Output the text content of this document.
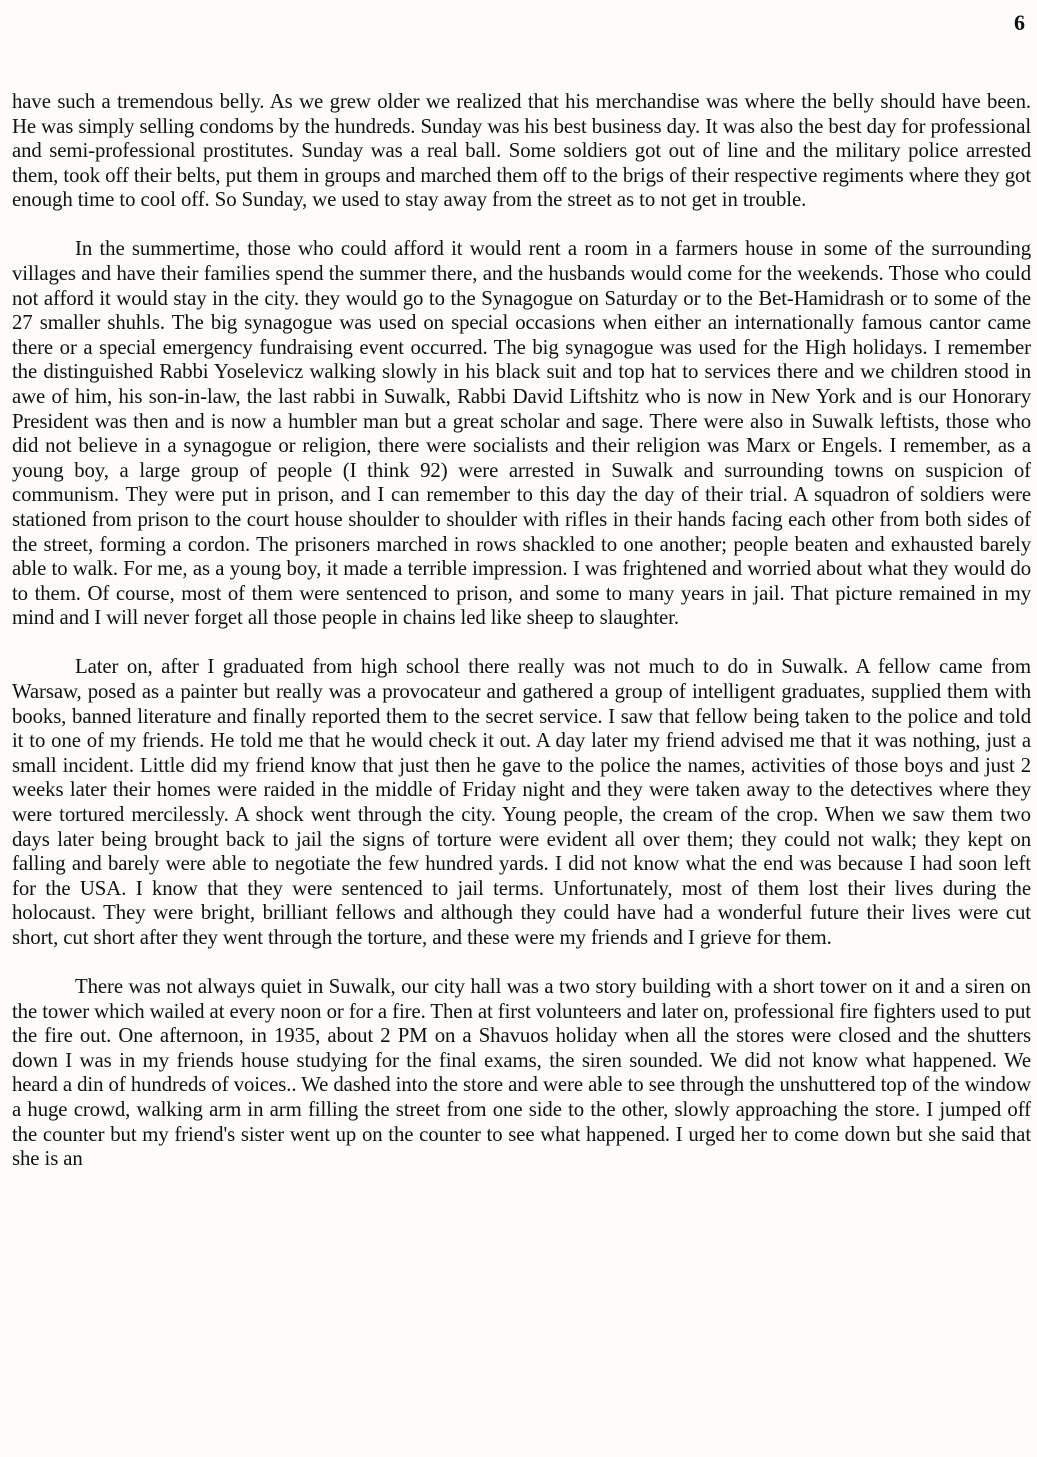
6

have such a tremendous belly. As we grew older we realized that his merchandise was where the belly should have been. He was simply selling condoms by the hundreds. Sunday was his best business day. It was also the best day for professional and semi-professional prostitutes. Sunday was a real ball. Some soldiers got out of line and the military police arrested them, took off their belts, put them in groups and marched them off to the brigs of their respective regiments where they got enough time to cool off. So Sunday, we used to stay away from the street as to not get in trouble.

In the summertime, those who could afford it would rent a room in a farmers house in some of the surrounding villages and have their families spend the summer there, and the husbands would come for the weekends. Those who could not afford it would stay in the city. they would go to the Synagogue on Saturday or to the Bet-Hamidrash or to some of the 27 smaller shuhls. The big synagogue was used on special occasions when either an internationally famous cantor came there or a special emergency fundraising event occurred. The big synagogue was used for the High holidays. I remember the distinguished Rabbi Yoselevicz walking slowly in his black suit and top hat to services there and we children stood in awe of him, his son-in-law, the last rabbi in Suwalk, Rabbi David Liftshitz who is now in New York and is our Honorary President was then and is now a humbler man but a great scholar and sage. There were also in Suwalk leftists, those who did not believe in a synagogue or religion, there were socialists and their religion was Marx or Engels. I remember, as a young boy, a large group of people (I think 92) were arrested in Suwalk and surrounding towns on suspicion of communism. They were put in prison, and I can remember to this day the day of their trial. A squadron of soldiers were stationed from prison to the court house shoulder to shoulder with rifles in their hands facing each other from both sides of the street, forming a cordon. The prisoners marched in rows shackled to one another; people beaten and exhausted barely able to walk. For me, as a young boy, it made a terrible impression. I was frightened and worried about what they would do to them. Of course, most of them were sentenced to prison, and some to many years in jail. That picture remained in my mind and I will never forget all those people in chains led like sheep to slaughter.

Later on, after I graduated from high school there really was not much to do in Suwalk. A fellow came from Warsaw, posed as a painter but really was a provocateur and gathered a group of intelligent graduates, supplied them with books, banned literature and finally reported them to the secret service. I saw that fellow being taken to the police and told it to one of my friends. He told me that he would check it out. A day later my friend advised me that it was nothing, just a small incident. Little did my friend know that just then he gave to the police the names, activities of those boys and just 2 weeks later their homes were raided in the middle of Friday night and they were taken away to the detectives where they were tortured mercilessly. A shock went through the city. Young people, the cream of the crop. When we saw them two days later being brought back to jail the signs of torture were evident all over them; they could not walk; they kept on falling and barely were able to negotiate the few hundred yards. I did not know what the end was because I had soon left for the USA. I know that they were sentenced to jail terms. Unfortunately, most of them lost their lives during the holocaust. They were bright, brilliant fellows and although they could have had a wonderful future their lives were cut short, cut short after they went through the torture, and these were my friends and I grieve for them.

There was not always quiet in Suwalk, our city hall was a two story building with a short tower on it and a siren on the tower which wailed at every noon or for a fire. Then at first volunteers and later on, professional fire fighters used to put the fire out. One afternoon, in 1935, about 2 PM on a Shavuos holiday when all the stores were closed and the shutters down I was in my friends house studying for the final exams, the siren sounded. We did not know what happened. We heard a din of hundreds of voices.. We dashed into the store and were able to see through the unshuttered top of the window a huge crowd, walking arm in arm filling the street from one side to the other, slowly approaching the store. I jumped off the counter but my friend's sister went up on the counter to see what happened. I urged her to come down but she said that she is an
